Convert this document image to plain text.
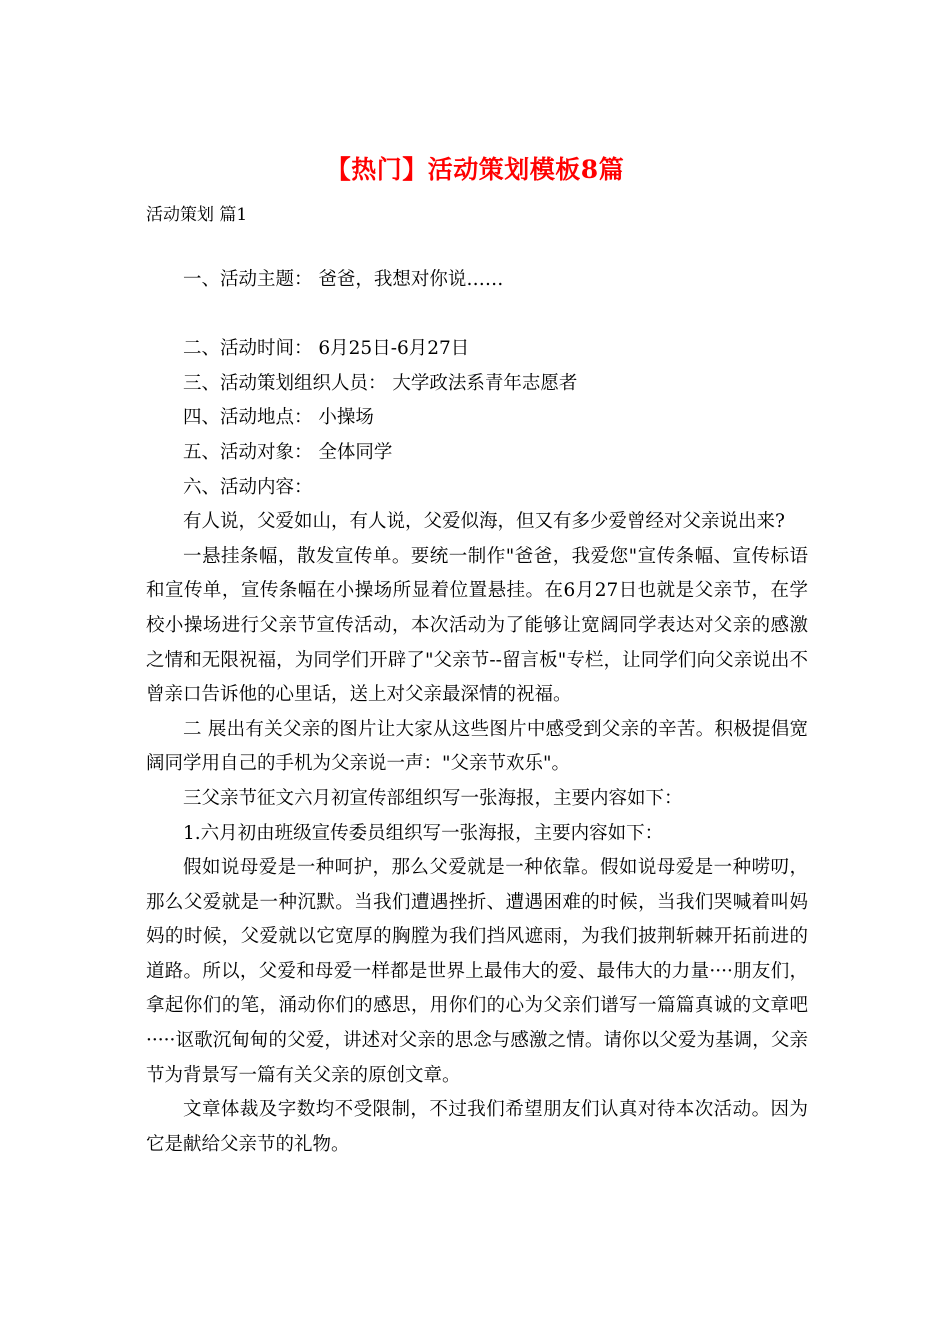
【热门】活动策划模板8篇

活动策划 篇1

一、活动主题： 爸爸，我想对你说……

二、活动时间： 6月25日-6月27日

三、活动策划组织人员： 大学政法系青年志愿者

四、活动地点： 小操场

五、活动对象： 全体同学

六、活动内容：

有人说，父爱如山，有人说，父爱似海，但又有多少爱曾经对父亲说出来?

一悬挂条幅，散发宣传单。要统一制作"爸爸，我爱您"宣传条幅、宣传标语和宣传单，宣传条幅在小操场所显着位置悬挂。在6月27日也就是父亲节，在学校小操场进行父亲节宣传活动，本次活动为了能够让宽阔同学表达对父亲的感激之情和无限祝福，为同学们开辟了"父亲节--留言板"专栏，让同学们向父亲说出不曾亲口告诉他的心里话，送上对父亲最深情的祝福。

二 展出有关父亲的图片让大家从这些图片中感受到父亲的辛苦。积极提倡宽阔同学用自己的手机为父亲说一声："父亲节欢乐"。

三父亲节征文六月初宣传部组织写一张海报，主要内容如下：

1.六月初由班级宣传委员组织写一张海报，主要内容如下：

假如说母爱是一种呵护，那么父爱就是一种依靠。假如说母爱是一种唠叨，那么父爱就是一种沉默。当我们遭遇挫折、遭遇困难的时候，当我们哭喊着叫妈妈的时候，父爱就以它宽厚的胸膛为我们挡风遮雨，为我们披荆斩棘开拓前进的道路。所以，父爱和母爱一样都是世界上最伟大的爱、最伟大的力量····朋友们，拿起你们的笔，涌动你们的感思，用你们的心为父亲们谱写一篇篇真诚的文章吧·····讴歌沉甸甸的父爱，讲述对父亲的思念与感激之情。请你以父爱为基调，父亲节为背景写一篇有关父亲的原创文章。

文章体裁及字数均不受限制，不过我们希望朋友们认真对待本次活动。因为它是献给父亲节的礼物。
